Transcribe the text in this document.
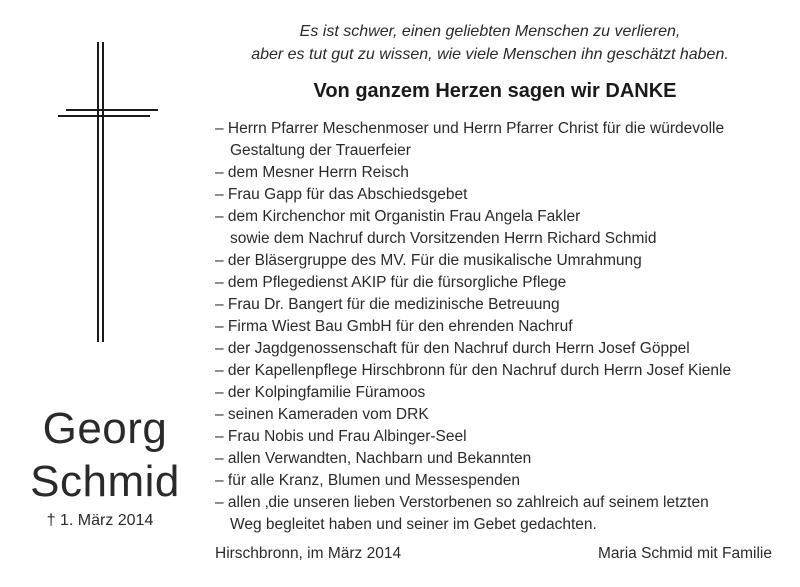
Georg
Schmid
† 1. März 2014
Es ist schwer, einen geliebten Menschen zu verlieren,
aber es tut gut zu wissen, wie viele Menschen ihn geschätzt haben.
Von ganzem Herzen sagen wir DANKE
– Herrn Pfarrer Meschenmoser und Herrn Pfarrer Christ für die würdevolle
Gestaltung der Trauerfeier
– dem Mesner Herrn Reisch
– Frau Gapp für das Abschiedsgebet
– dem Kirchenchor mit Organistin Frau Angela Fakler
sowie dem Nachruf durch Vorsitzenden Herrn Richard Schmid
– der Bläsergruppe des MV. Für die musikalische Umrahmung
– dem Pflegedienst AKIP für die fürsorgliche Pflege
– Frau Dr. Bangert für die medizinische Betreuung
– Firma Wiest Bau GmbH für den ehrenden Nachruf
– der Jagdgenossenschaft für den Nachruf durch Herrn Josef Göppel
– der Kapellenpflege Hirschbronn für den Nachruf durch Herrn Josef Kienle
– der Kolpingfamilie Füramoos
– seinen Kameraden vom DRK
– Frau Nobis und Frau Albinger-Seel
– allen Verwandten, Nachbarn und Bekannten
– für alle Kranz, Blumen und Messespenden
– allen ‚die unseren lieben Verstorbenen so zahlreich auf seinem letzten
Weg begleitet haben und seiner im Gebet gedachten.
Hirschbronn, im März 2014	Maria Schmid mit Familie
